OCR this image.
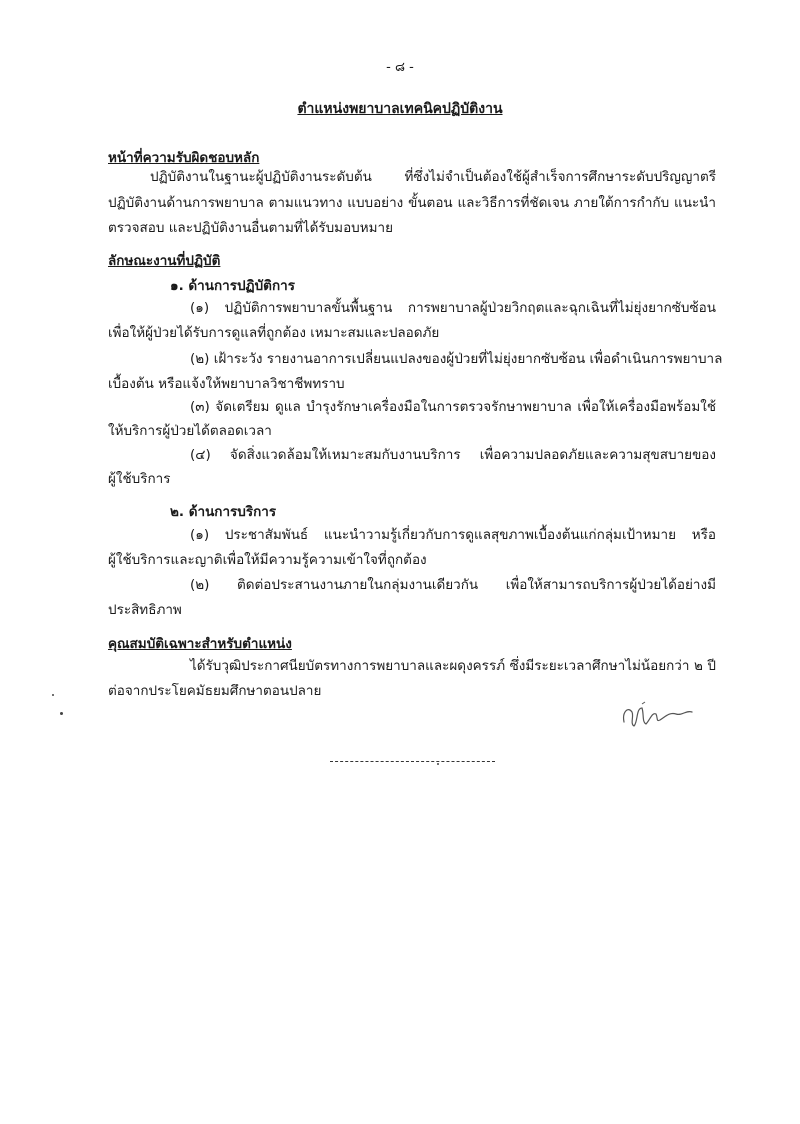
- ๘ -
ตำแหน่งพยาบาลเทคนิคปฏิบัติงาน
หน้าที่ความรับผิดชอบหลัก
ปฏิบัติงานในฐานะผู้ปฏิบัติงานระดับต้น ที่ซึ่งไม่จำเป็นต้องใช้ผู้สำเร็จการศึกษาระดับปริญญาตรี
ปฏิบัติงานด้านการพยาบาล ตามแนวทาง แบบอย่าง ขั้นตอน และวิธีการที่ชัดเจน ภายใต้การกำกับ แนะนำ
ตรวจสอบ และปฏิบัติงานอื่นตามที่ได้รับมอบหมาย
ลักษณะงานที่ปฏิบัติ
๑. ด้านการปฏิบัติการ
(๑) ปฏิบัติการพยาบาลขั้นพื้นฐาน การพยาบาลผู้ป่วยวิกฤตและฉุกเฉินที่ไม่ยุ่งยากซับซ้อน
เพื่อให้ผู้ป่วยได้รับการดูแลที่ถูกต้อง เหมาะสมและปลอดภัย
(๒) เฝ้าระวัง รายงานอาการเปลี่ยนแปลงของผู้ป่วยที่ไม่ยุ่งยากซับซ้อน เพื่อดำเนินการพยาบาล
เบื้องต้น หรือแจ้งให้พยาบาลวิชาชีพทราบ
(๓) จัดเตรียม ดูแล บำรุงรักษาเครื่องมือในการตรวจรักษาพยาบาล เพื่อให้เครื่องมือพร้อมใช้
ให้บริการผู้ป่วยได้ตลอดเวลา
(๔) จัดสิ่งแวดล้อมให้เหมาะสมกับงานบริการ เพื่อความปลอดภัยและความสุขสบายของ
ผู้ใช้บริการ
๒. ด้านการบริการ
(๑) ประชาสัมพันธ์ แนะนำวามรู้เกี่ยวกับการดูแลสุขภาพเบื้องต้นแก่กลุ่มเป้าหมาย หรือ
ผู้ใช้บริการและญาติเพื่อให้มีความรู้ความเข้าใจที่ถูกต้อง
(๒) ติดต่อประสานงานภายในกลุ่มงานเดียวกัน เพื่อให้สามารถบริการผู้ป่วยได้อย่างมี
ประสิทธิภาพ
คุณสมบัติเฉพาะสำหรับตำแหน่ง
ได้รับวุฒิประกาศนียบัตรทางการพยาบาลและผดุงครรภ์ ซึ่งมีระยะเวลาศึกษาไม่น้อยกว่า ๒ ปี
ต่อจากประโยคมัธยมศึกษาตอนปลาย
